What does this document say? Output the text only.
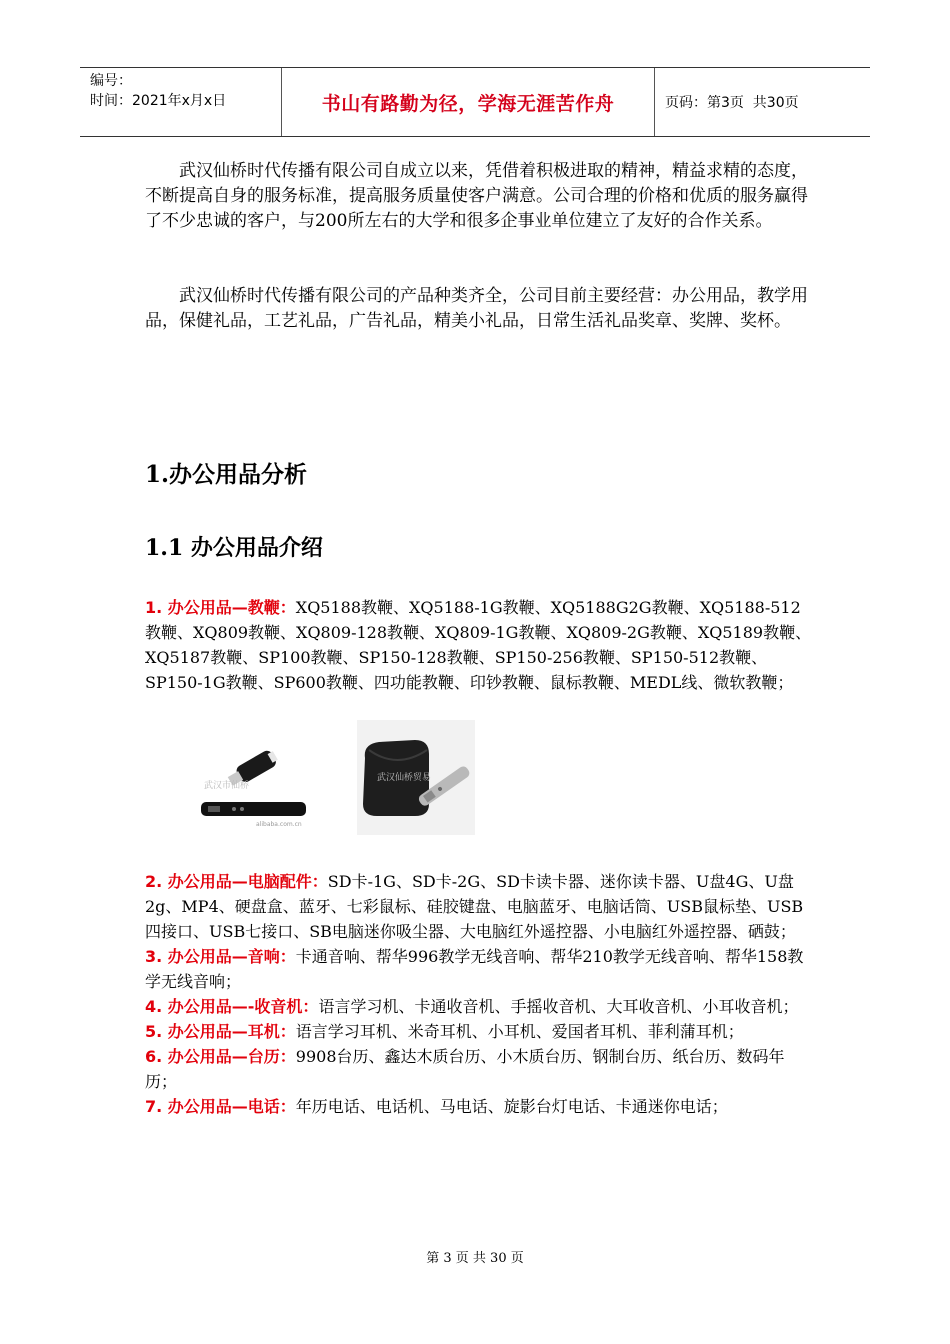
编号：
时间：2021年x月x日	书山有路勤为径，学海无涯苦作舟	页码：第3页  共30页

武汉仙桥时代传播有限公司自成立以来，凭借着积极进取的精神，精益求精的态度，不断提高自身的服务标准，提高服务质量使客户满意。公司合理的价格和优质的服务赢得了不少忠诚的客户，与200所左右的大学和很多企事业单位建立了友好的合作关系。

武汉仙桥时代传播有限公司的产品种类齐全，公司目前主要经营：办公用品，教学用品，保健礼品，工艺礼品，广告礼品，精美小礼品，日常生活礼品奖章、奖牌、奖杯。

1.办公用品分析
1.1 办公用品介绍

1. 办公用品—教鞭：XQ5188教鞭、XQ5188-1G教鞭、XQ5188G2G教鞭、XQ5188-512教鞭、XQ809教鞭、XQ809-128教鞭、XQ809-1G教鞭、XQ809-2G教鞭、XQ5189教鞭、XQ5187教鞭、SP100教鞭、SP150-128教鞭、SP150-256教鞭、SP150-512教鞭、SP150-1G教鞭、SP600教鞭、四功能教鞭、印钞教鞭、鼠标教鞭、MEDL线、微软教鞭；

alibaba.com.cn
武汉市仙桥
武汉仙桥贸易

2. 办公用品—电脑配件：SD卡-1G、SD卡-2G、SD卡读卡器、迷你读卡器、U盘4G、U盘2g、MP4、硬盘盒、蓝牙、七彩鼠标、硅胶键盘、电脑蓝牙、电脑话筒、USB鼠标垫、USB四接口、USB七接口、SB电脑迷你吸尘器、大电脑红外遥控器、小电脑红外遥控器、硒鼓；

3. 办公用品—音响：卡通音响、帮华996教学无线音响、帮华210教学无线音响、帮华158教学无线音响；

4. 办公用品—-收音机：语言学习机、卡通收音机、手摇收音机、大耳收音机、小耳收音机；

5. 办公用品—耳机：语言学习耳机、米奇耳机、小耳机、爱国者耳机、菲利蒲耳机；

6. 办公用品—台历：9908台历、鑫达木质台历、小木质台历、钢制台历、纸台历、数码年历；

7. 办公用品—电话：年历电话、电话机、马电话、旋影台灯电话、卡通迷你电话；

第 3 页 共 30 页
